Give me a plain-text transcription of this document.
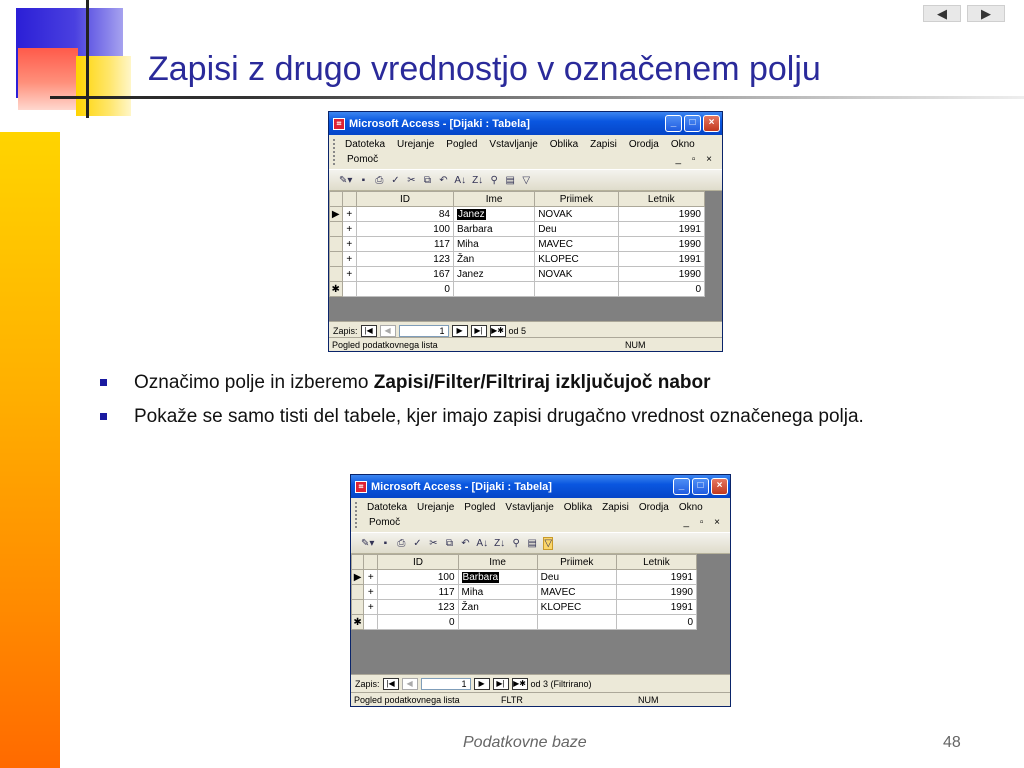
◀	▶
Zapisi z drugo vrednostjo v označenem polju
⌗ Microsoft Access - [Dijaki : Tabela]	_	□	×
Datoteka Urejanje Pogled Vstavljanje Oblika Zapisi Orodja Okno
Pomoč	_ ▫ ×
✎▾ ▪	⎙ ✓ ✂ ⧉ ↶ A↓ Z↓ ⚲ ▤ ▽
		ID	Ime	Priimek	Letnik
▶	+	84	Janez	NOVAK	1990
	+	100	Barbara	Deu	1991
	+	117	Miha	MAVEC	1990
	+	123	Žan	KLOPEC	1991
	+	167	Janez	NOVAK	1990
✱		0			0
Zapis: |◀	◀	1	▶	▶|	▶✱ od 5
Pogled podatkovnega lista	NUM
Označimo polje in izberemo Zapisi/Filter/Filtriraj izključujoč nabor
Pokaže se samo tisti del tabele, kjer imajo zapisi drugačno vrednost označenega polja.
⌗ Microsoft Access - [Dijaki : Tabela]	_	□	×
Datoteka Urejanje Pogled Vstavljanje Oblika Zapisi Orodja Okno
Pomoč	_ ▫ ×
✎▾ ▪	⎙ ✓ ✂ ⧉ ↶ A↓ Z↓ ⚲ ▤ ▽
		ID	Ime	Priimek	Letnik
▶	+	100	Barbara	Deu	1991
	+	117	Miha	MAVEC	1990
	+	123	Žan	KLOPEC	1991
✱		0			0
Zapis: |◀	◀	1	▶	▶|	▶✱ od 3 (Filtrirano)
Pogled podatkovnega lista	FLTR	NUM
Podatkovne baze	48
